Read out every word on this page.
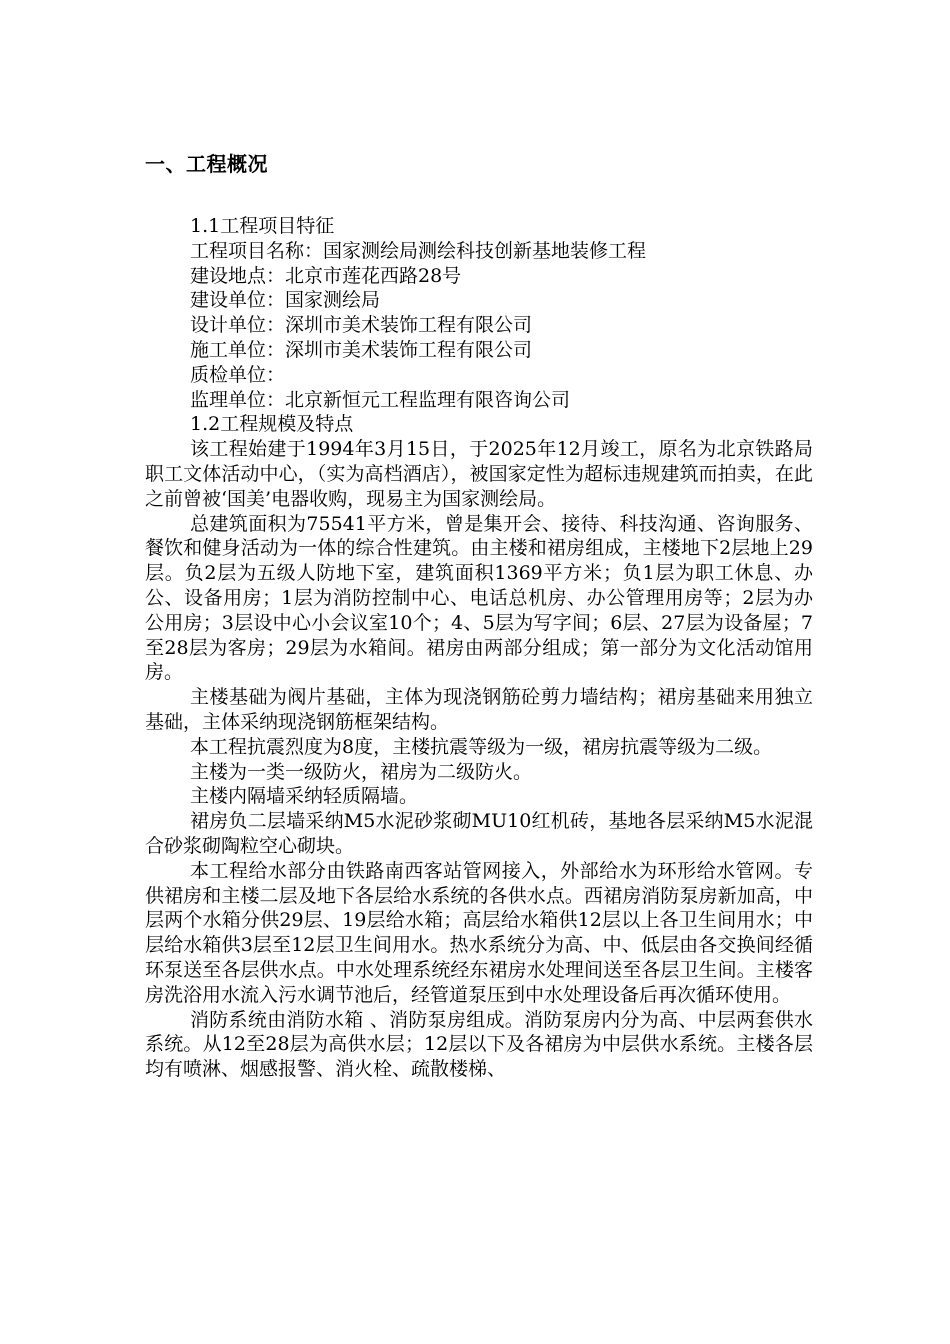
一、工程概况

1.1工程项目特征

工程项目名称：国家测绘局测绘科技创新基地装修工程

建设地点：北京市莲花西路28号

建设单位：国家测绘局

设计单位：深圳市美术装饰工程有限公司

施工单位：深圳市美术装饰工程有限公司

质检单位：

监理单位：北京新恒元工程监理有限咨询公司

1.2工程规模及特点

该工程始建于1994年3月15日，于2025年12月竣工，原名为北京铁路局职工文体活动中心，（实为高档酒店），被国家定性为超标违规建筑而拍卖，在此之前曾被‘国美’电器收购，现易主为国家测绘局。

总建筑面积为75541平方米，曾是集开会、接待、科技沟通、咨询服务、餐饮和健身活动为一体的综合性建筑。由主楼和裙房组成，主楼地下2层地上29层。负2层为五级人防地下室，建筑面积1369平方米；负1层为职工休息、办公、设备用房；1层为消防控制中心、电话总机房、办公管理用房等；2层为办公用房；3层设中心小会议室10个；4、5层为写字间；6层、27层为设备屋；7至28层为客房；29层为水箱间。裙房由两部分组成；第一部分为文化活动馆用房。

主楼基础为阀片基础，主体为现浇钢筋砼剪力墙结构；裙房基础来用独立基础，主体采纳现浇钢筋框架结构。

本工程抗震烈度为8度，主楼抗震等级为一级，裙房抗震等级为二级。

主楼为一类一级防火，裙房为二级防火。

主楼内隔墙采纳轻质隔墙。

裙房负二层墙采纳M5水泥砂浆砌MU10红机砖，基地各层采纳M5水泥混合砂浆砌陶粒空心砌块。

本工程给水部分由铁路南西客站管网接入，外部给水为环形给水管网。专供裙房和主楼二层及地下各层给水系统的各供水点。西裙房消防泵房新加高，中层两个水箱分供29层、19层给水箱；高层给水箱供12层以上各卫生间用水；中层给水箱供3层至12层卫生间用水。热水系统分为高、中、低层由各交换间经循环泵送至各层供水点。中水处理系统经东裙房水处理间送至各层卫生间。主楼客房洗浴用水流入污水调节池后，经管道泵压到中水处理设备后再次循环使用。

消防系统由消防水箱 、消防泵房组成。消防泵房内分为高、中层两套供水系统。从12至28层为高供水层；12层以下及各裙房为中层供水系统。主楼各层均有喷淋、烟感报警、消火栓、疏散楼梯、
